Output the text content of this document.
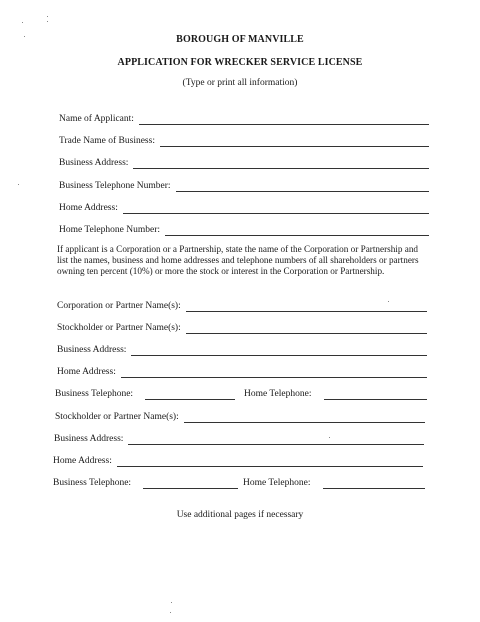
BOROUGH OF MANVILLE
APPLICATION FOR WRECKER SERVICE LICENSE
(Type or print all information)
Name of Applicant:
Trade Name of Business:
Business Address:
Business Telephone Number:
Home Address:
Home Telephone Number:
If applicant is a Corporation or a Partnership, state the name of the Corporation or Partnership and list the names, business and home addresses and telephone numbers of all shareholders or partners owning ten percent (10%) or more the stock or interest in the Corporation or Partnership.
Corporation or Partner Name(s):
Stockholder or Partner Name(s):
Business Address:
Home Address:
Business Telephone:	Home Telephone:
Stockholder or Partner Name(s):
Business Address:
Home Address:
Business Telephone:	Home Telephone:
Use additional pages if necessary
